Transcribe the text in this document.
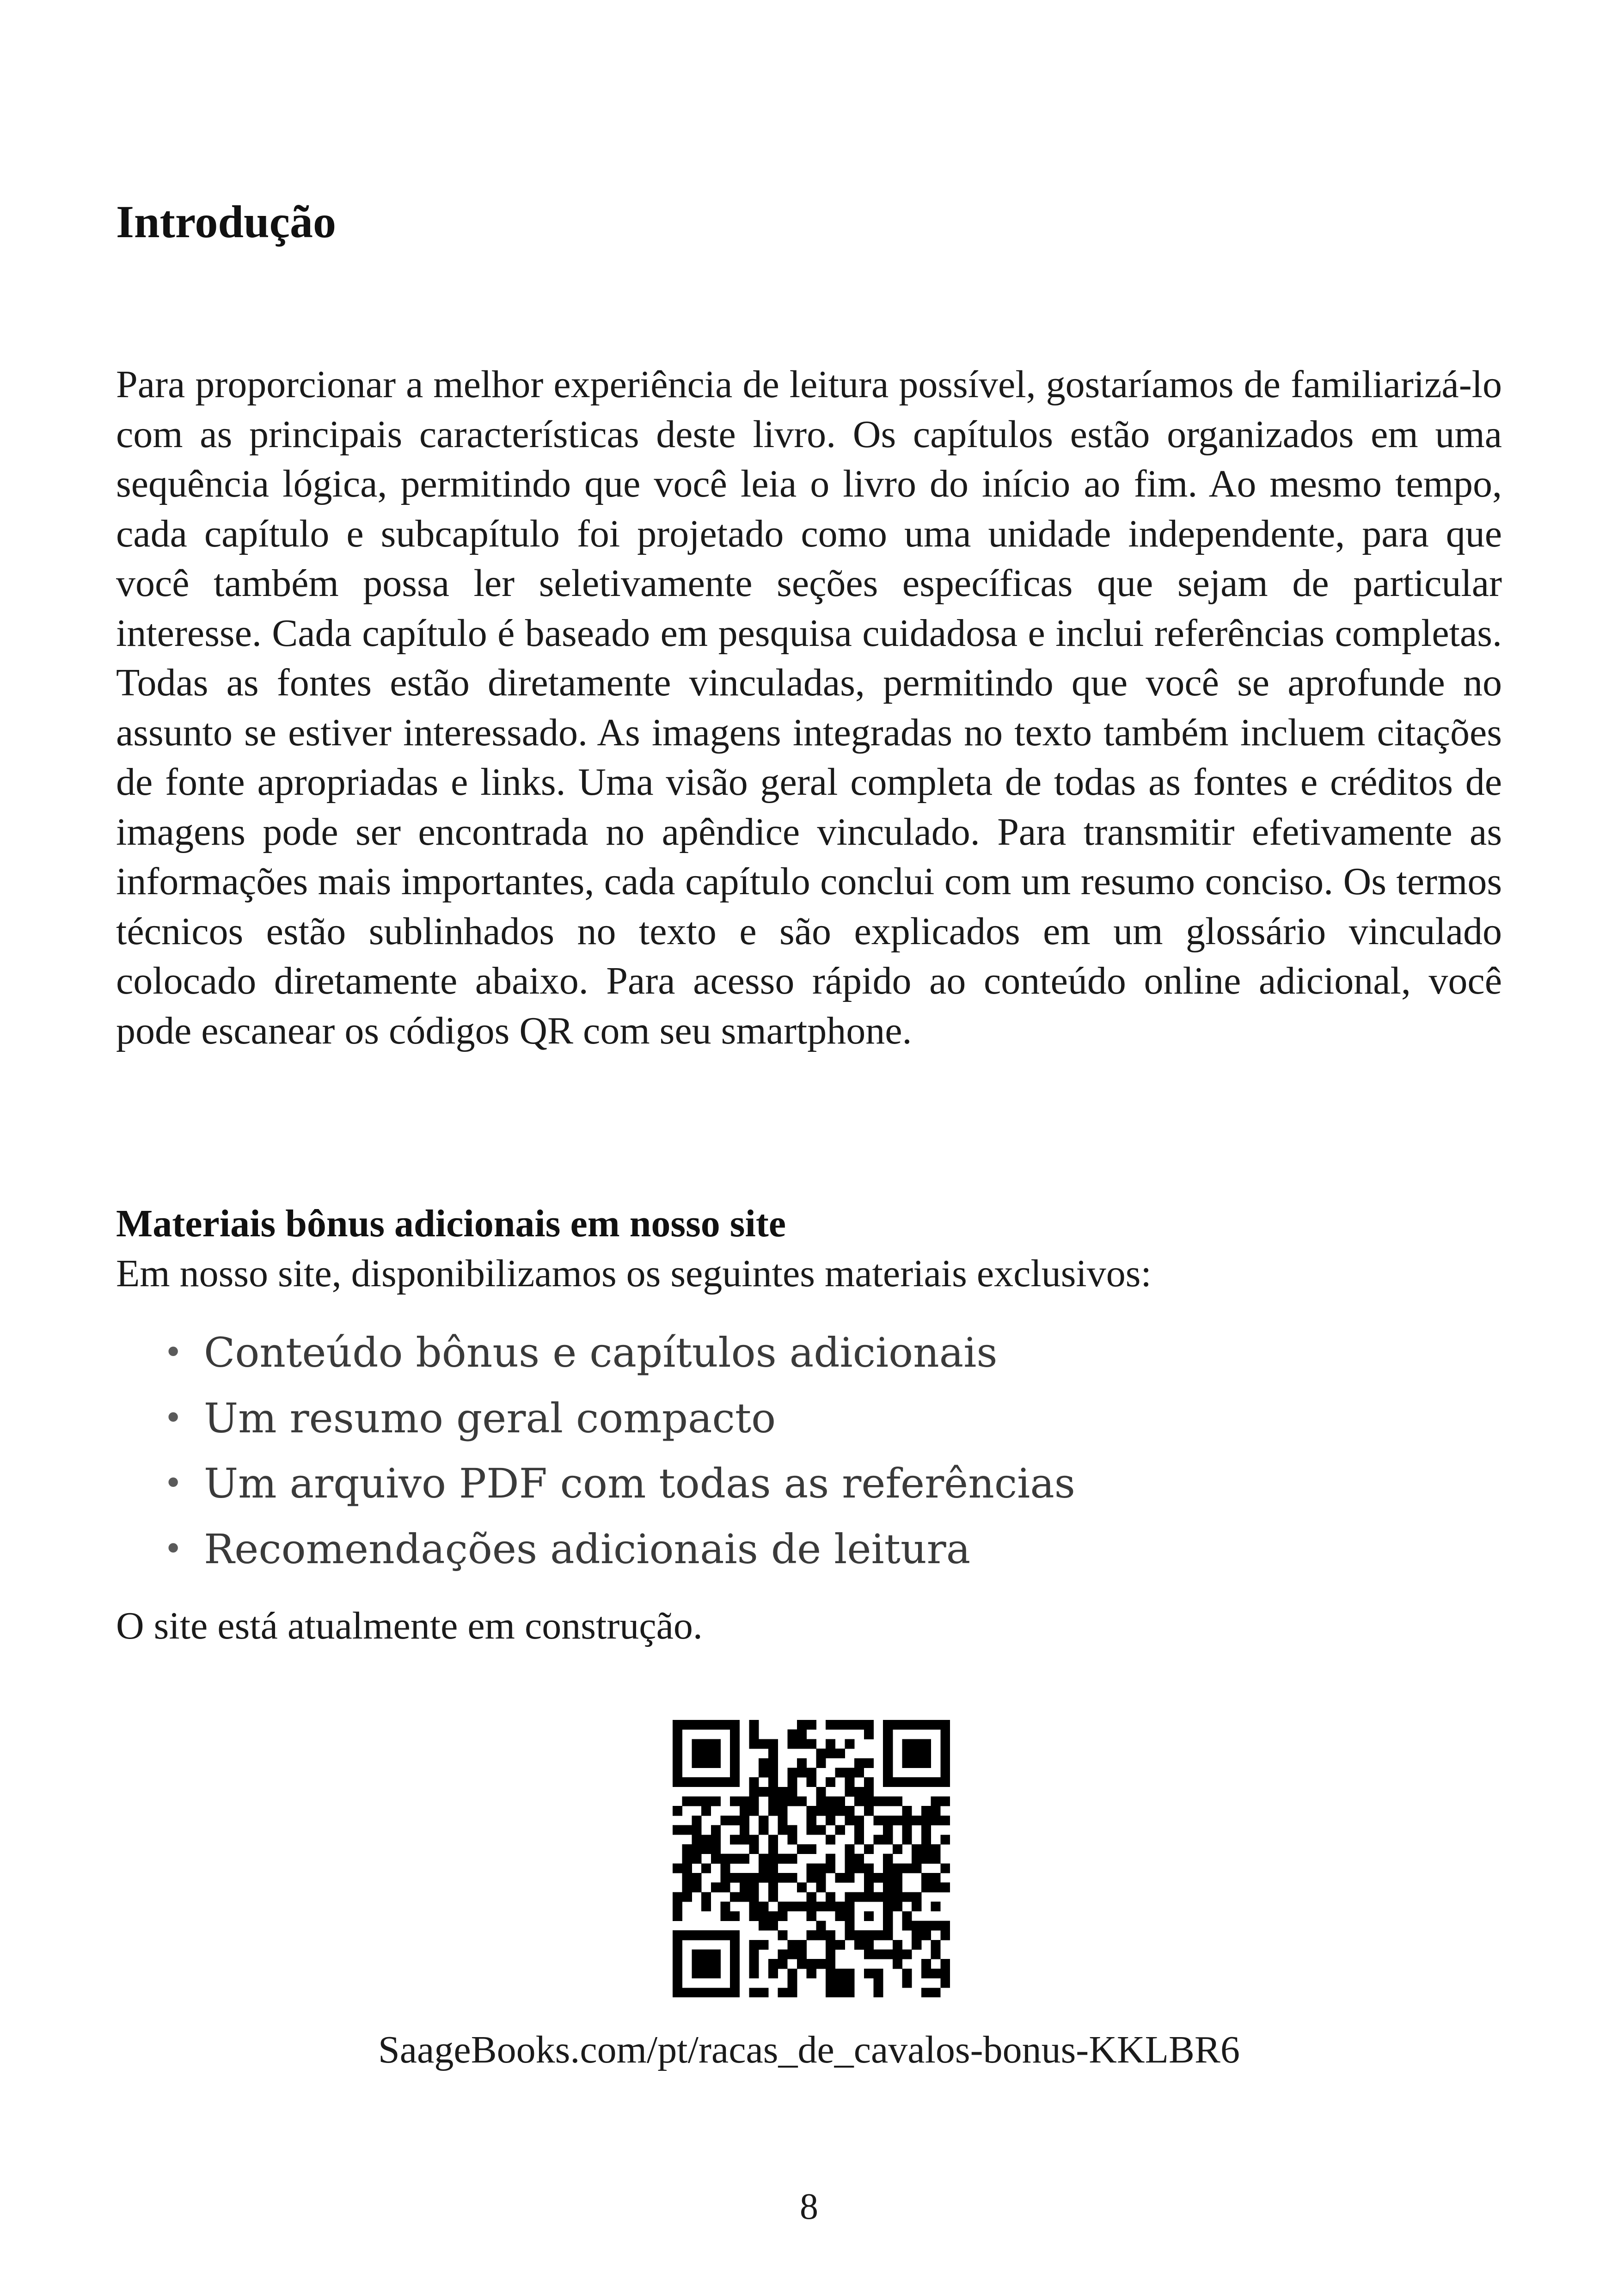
Introdução

Para proporcionar a melhor experiência de leitura possível, gostaríamos de familiarizá-lo com as principais características deste livro. Os capítulos estão organizados em uma sequência lógica, permitindo que você leia o livro do início ao fim. Ao mesmo tempo, cada capítulo e subcapítulo foi projetado como uma unidade independente, para que você também possa ler seletivamente seções específicas que sejam de particular interesse. Cada capítulo é baseado em pesquisa cuidadosa e inclui referências completas. Todas as fontes estão diretamente vinculadas, permitindo que você se aprofunde no assunto se estiver interessado. As imagens integradas no texto também incluem citações de fonte apropriadas e links. Uma visão geral completa de todas as fontes e créditos de imagens pode ser encontrada no apêndice vinculado. Para transmitir efetivamente as informações mais importantes, cada capítulo conclui com um resumo conciso. Os termos técnicos estão sublinhados no texto e são explicados em um glossário vinculado colocado diretamente abaixo. Para acesso rápido ao conteúdo online adicional, você pode escanear os códigos QR com seu smartphone.

Materiais bônus adicionais em nosso site

Em nosso site, disponibilizamos os seguintes materiais exclusivos:

• Conteúdo bônus e capítulos adicionais
• Um resumo geral compacto
• Um arquivo PDF com todas as referências
• Recomendações adicionais de leitura

O site está atualmente em construção.

SaageBooks.com/pt/racas_de_cavalos-bonus-KKLBR6

8
